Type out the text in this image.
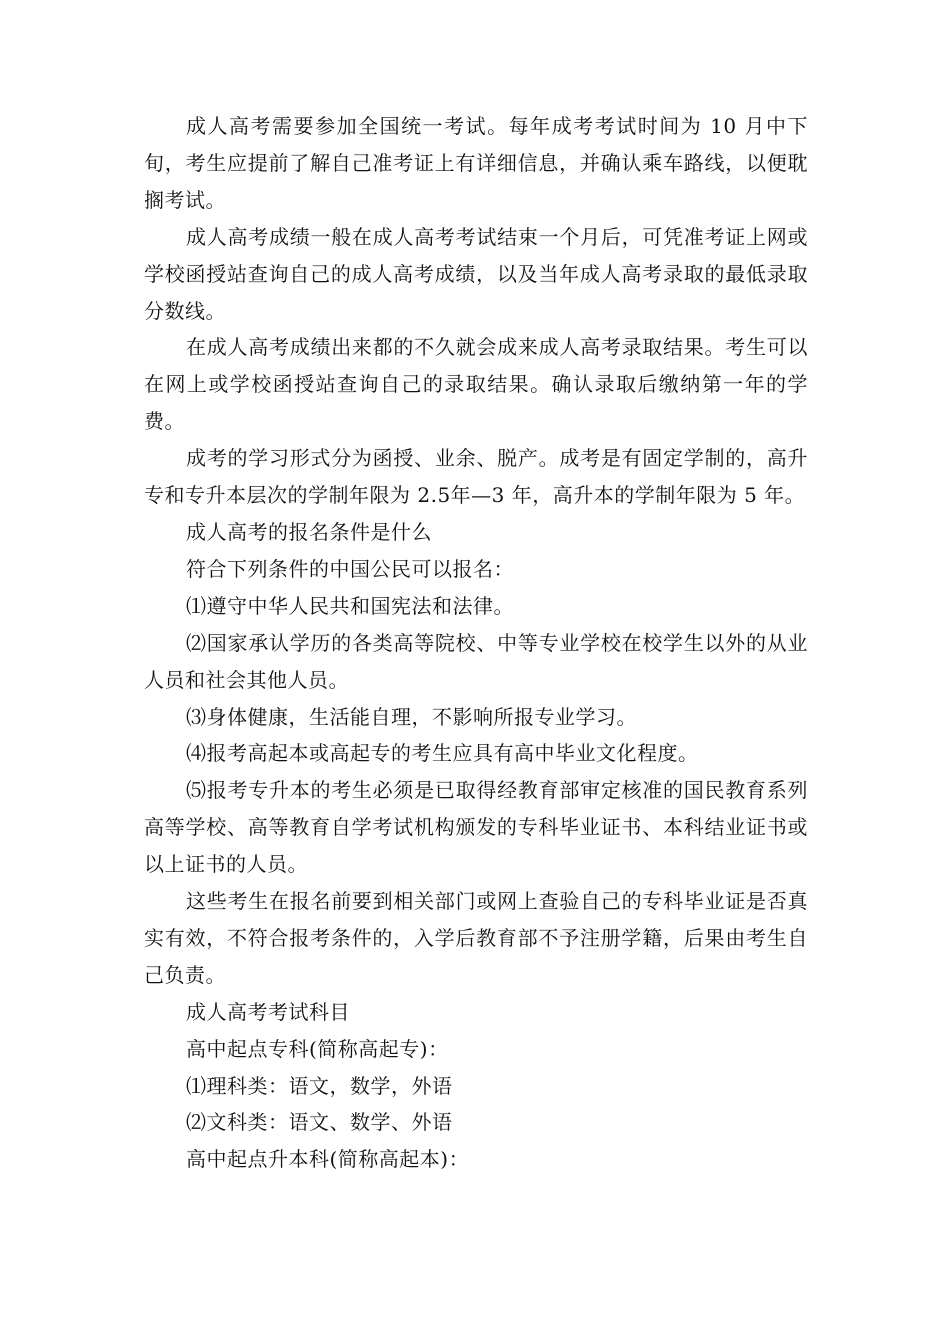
成人高考需要参加全国统一考试。每年成考考试时间为 10 月中下旬，考生应提前了解自己准考证上有详细信息，并确认乘车路线，以便耽搁考试。

成人高考成绩一般在成人高考考试结束一个月后，可凭准考证上网或学校函授站查询自己的成人高考成绩，以及当年成人高考录取的最低录取分数线。

在成人高考成绩出来都的不久就会成来成人高考录取结果。考生可以在网上或学校函授站查询自己的录取结果。确认录取后缴纳第一年的学费。

成考的学习形式分为函授、业余、脱产。成考是有固定学制的，高升专和专升本层次的学制年限为 2.5年—3 年，高升本的学制年限为 5 年。

成人高考的报名条件是什么

符合下列条件的中国公民可以报名：

⑴遵守中华人民共和国宪法和法律。

⑵国家承认学历的各类高等院校、中等专业学校在校学生以外的从业人员和社会其他人员。

⑶身体健康，生活能自理，不影响所报专业学习。

⑷报考高起本或高起专的考生应具有高中毕业文化程度。

⑸报考专升本的考生必须是已取得经教育部审定核准的国民教育系列高等学校、高等教育自学考试机构颁发的专科毕业证书、本科结业证书或以上证书的人员。

这些考生在报名前要到相关部门或网上查验自己的专科毕业证是否真实有效，不符合报考条件的，入学后教育部不予注册学籍，后果由考生自己负责。

成人高考考试科目

高中起点专科(简称高起专)：

⑴理科类：语文，数学，外语

⑵文科类：语文、数学、外语

高中起点升本科(简称高起本)：
